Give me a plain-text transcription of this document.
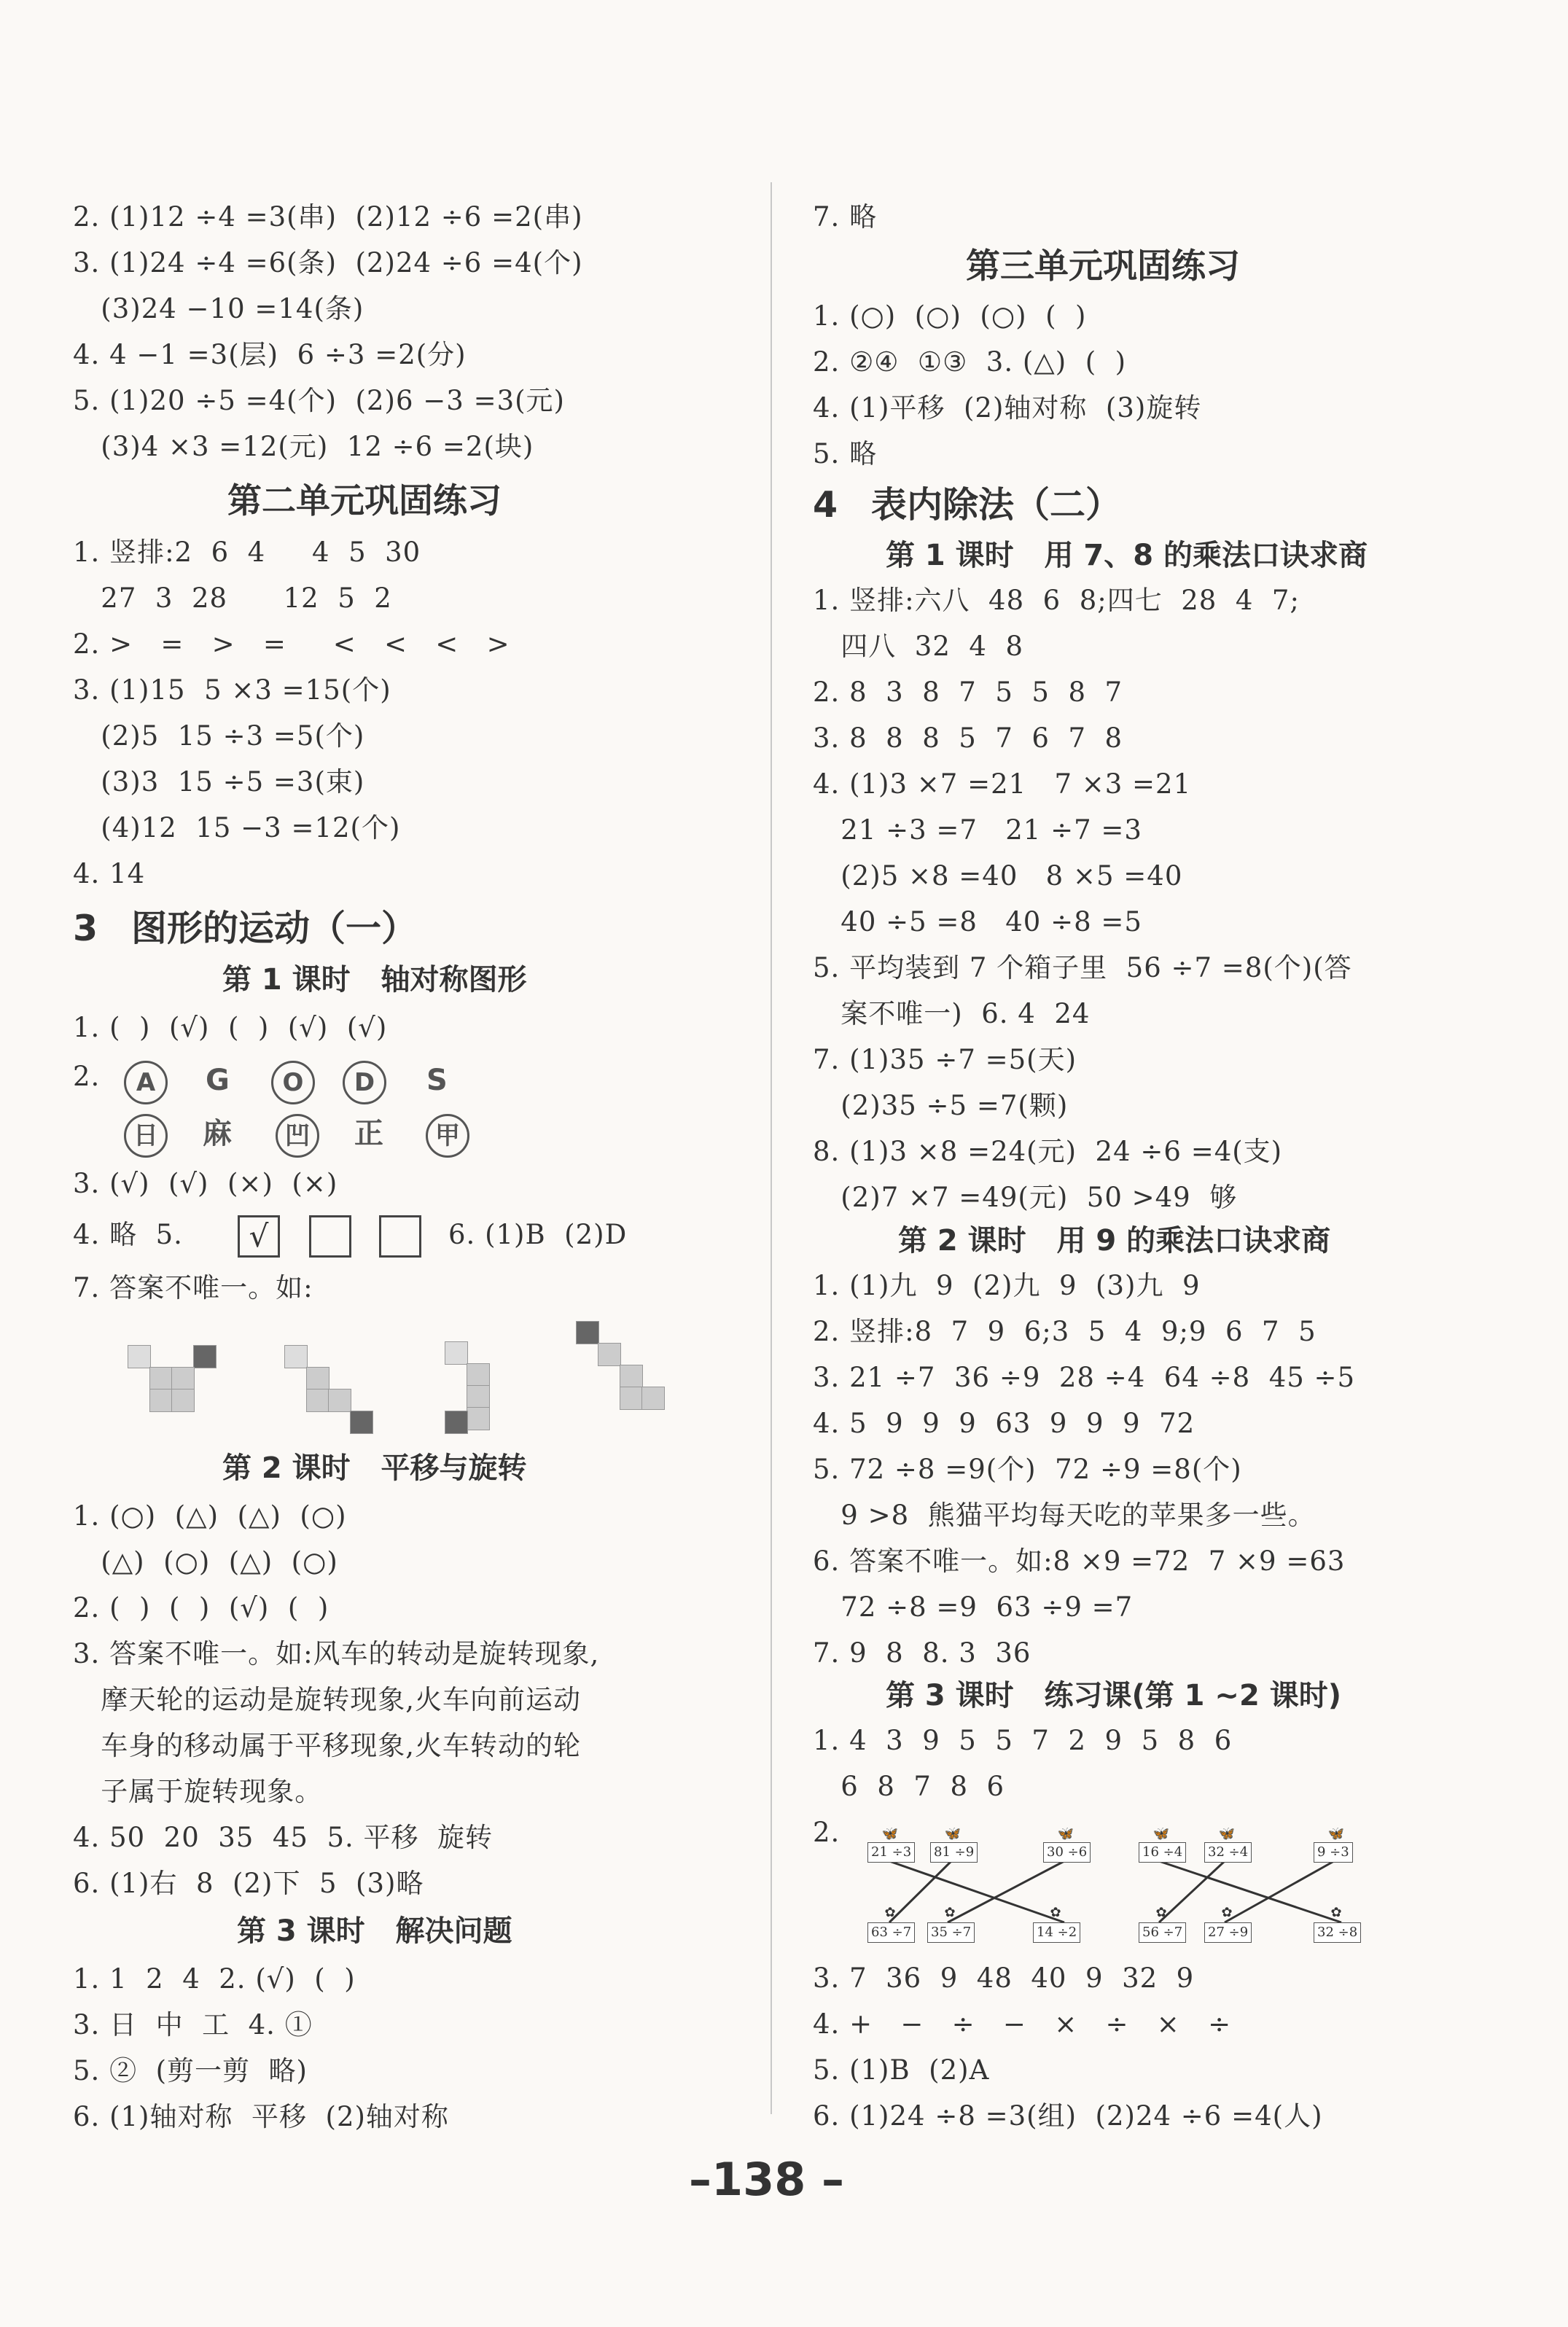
2. (1)12 ÷4 =3(串)  (2)12 ÷6 =2(串)
3. (1)24 ÷4 =6(条)  (2)24 ÷6 =4(个)
(3)24 −10 =14(条)
4. 4 −1 =3(层)  6 ÷3 =2(分)
5. (1)20 ÷5 =4(个)  (2)6 −3 =3(元)
(3)4 ×3 =12(元)  12 ÷6 =2(块)
第二单元巩固练习
1. 竖排:2  6  4     4  5  30
27  3  28      12  5  2
2. >   =   >   =     <   <   <   >
3. (1)15  5 ×3 =15(个)
(2)5  15 ÷3 =5(个)
(3)3  15 ÷5 =3(束)
(4)12  15 −3 =12(个)
4. 14
3 图形的运动（一）
第 1 课时   轴对称图形
1. (  )  (√)  (  )  (√)  (√)
2.	A	G	O	D	S
日	麻	凹	正	甲
3. (√)  (√)  (×)  (×)
4. 略  5.	√	6. (1)B  (2)D
7. 答案不唯一。如:
第 2 课时   平移与旋转
1. (○)  (△)  (△)  (○)
(△)  (○)  (△)  (○)
2. (  )  (  )  (√)  (  )
3. 答案不唯一。如:风车的转动是旋转现象,
摩天轮的运动是旋转现象,火车向前运动
车身的移动属于平移现象,火车转动的轮
子属于旋转现象。
4. 50  20  35  45  5. 平移  旋转
6. (1)右  8  (2)下  5  (3)略
第 3 课时   解决问题
1. 1  2  4  2. (√)  (  )
3. 日  中  工  4. ①
5. ②  (剪一剪  略)
6. (1)轴对称  平移  (2)轴对称
7. 略
第三单元巩固练习
1. (○)  (○)  (○)  (  )
2. ②④  ①③  3. (△)  (  )
4. (1)平移  (2)轴对称  (3)旋转
5. 略
4 表内除法（二）
第 1 课时   用 7、8 的乘法口诀求商
1. 竖排:六八  48  6  8;四七  28  4  7;
四八  32  4  8
2. 8  3  8  7  5  5  8  7
3. 8  8  8  5  7  6  7  8
4. (1)3 ×7 =21   7 ×3 =21
21 ÷3 =7   21 ÷7 =3
(2)5 ×8 =40   8 ×5 =40
40 ÷5 =8   40 ÷8 =5
5. 平均装到 7 个箱子里  56 ÷7 =8(个)(答
案不唯一)  6. 4  24
7. (1)35 ÷7 =5(天)
(2)35 ÷5 =7(颗)
8. (1)3 ×8 =24(元)  24 ÷6 =4(支)
(2)7 ×7 =49(元)  50 >49  够
第 2 课时   用 9 的乘法口诀求商
1. (1)九  9  (2)九  9  (3)九  9
2. 竖排:8  7  9  6;3  5  4  9;9  6  7  5
3. 21 ÷7  36 ÷9  28 ÷4  64 ÷8  45 ÷5
4. 5  9  9  9  63  9  9  9  72
5. 72 ÷8 =9(个)  72 ÷9 =8(个)
9 >8  熊猫平均每天吃的苹果多一些。
6. 答案不唯一。如:8 ×9 =72  7 ×9 =63
72 ÷8 =9  63 ÷9 =7
7. 9  8  8. 3  36
第 3 课时   练习课(第 1 ~2 课时)
1. 4  3  9  5  5  7  2  9  5  8  6
6  8  7  8  6
2.	🦋	🦋	🦋	🦋	🦋	🦋
21 ÷3 81 ÷9	30 ÷6	16 ÷4 32 ÷4	9 ÷3
✿	✿	✿	✿	✿	✿
63 ÷7 35 ÷7	14 ÷2	56 ÷7 27 ÷9	32 ÷8
3. 7  36  9  48  40  9  32  9
4. +   −   ÷   −   ×   ÷   ×   ÷
5. (1)B  (2)A
6. (1)24 ÷8 =3(组)  (2)24 ÷6 =4(人)
–138 –
